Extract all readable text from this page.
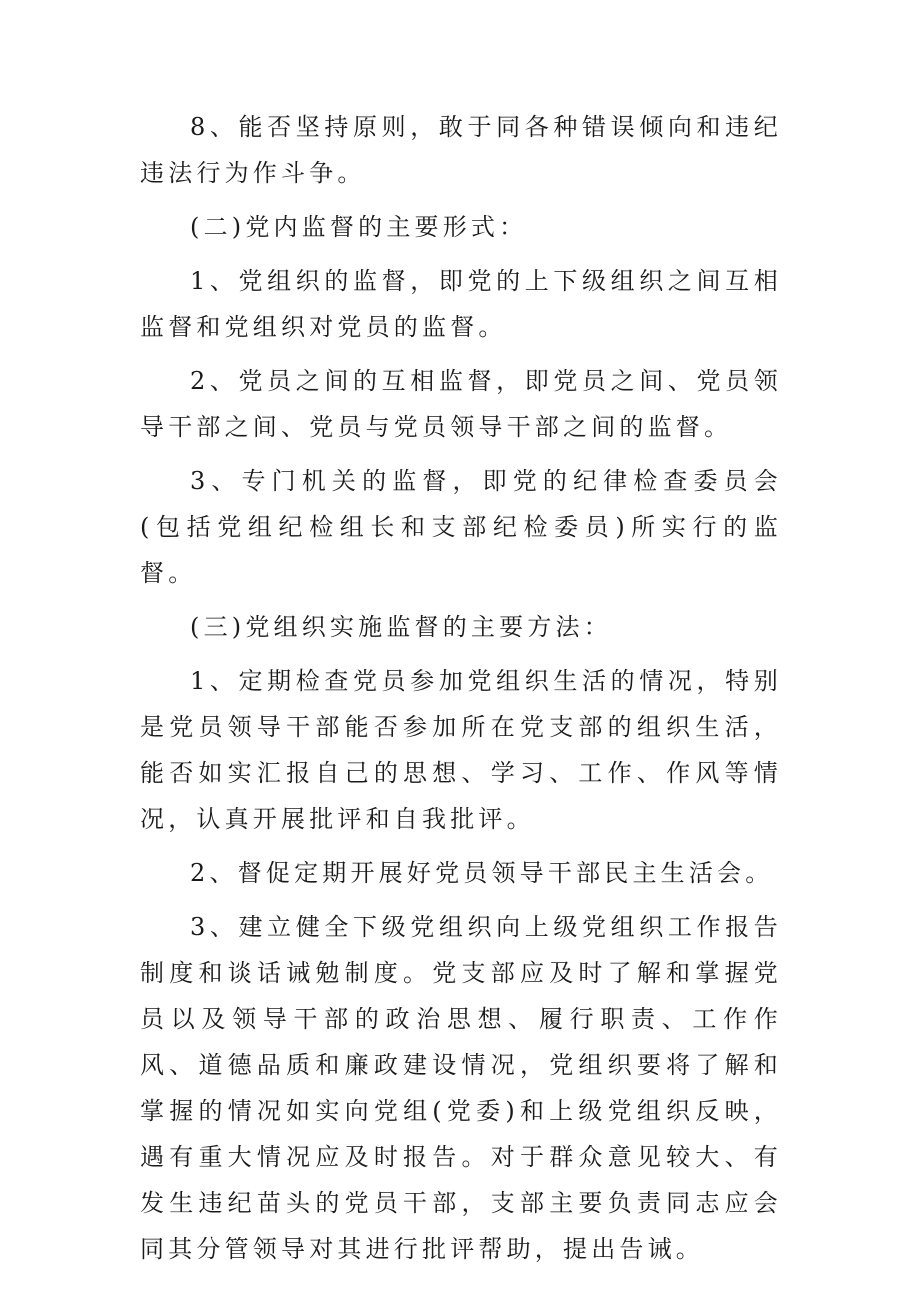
8、能否坚持原则，敢于同各种错误倾向和违纪违法行为作斗争。

(二)党内监督的主要形式：

1、党组织的监督，即党的上下级组织之间互相监督和党组织对党员的监督。

2、党员之间的互相监督，即党员之间、党员领导干部之间、党员与党员领导干部之间的监督。

3、专门机关的监督，即党的纪律检查委员会(包括党组纪检组长和支部纪检委员)所实行的监督。

(三)党组织实施监督的主要方法：

1、定期检查党员参加党组织生活的情况，特别是党员领导干部能否参加所在党支部的组织生活，能否如实汇报自己的思想、学习、工作、作风等情况，认真开展批评和自我批评。

2、督促定期开展好党员领导干部民主生活会。

3、建立健全下级党组织向上级党组织工作报告制度和谈话诫勉制度。党支部应及时了解和掌握党员以及领导干部的政治思想、履行职责、工作作风、道德品质和廉政建设情况，党组织要将了解和掌握的情况如实向党组(党委)和上级党组织反映，遇有重大情况应及时报告。对于群众意见较大、有发生违纪苗头的党员干部，支部主要负责同志应会同其分管领导对其进行批评帮助，提出告诫。
